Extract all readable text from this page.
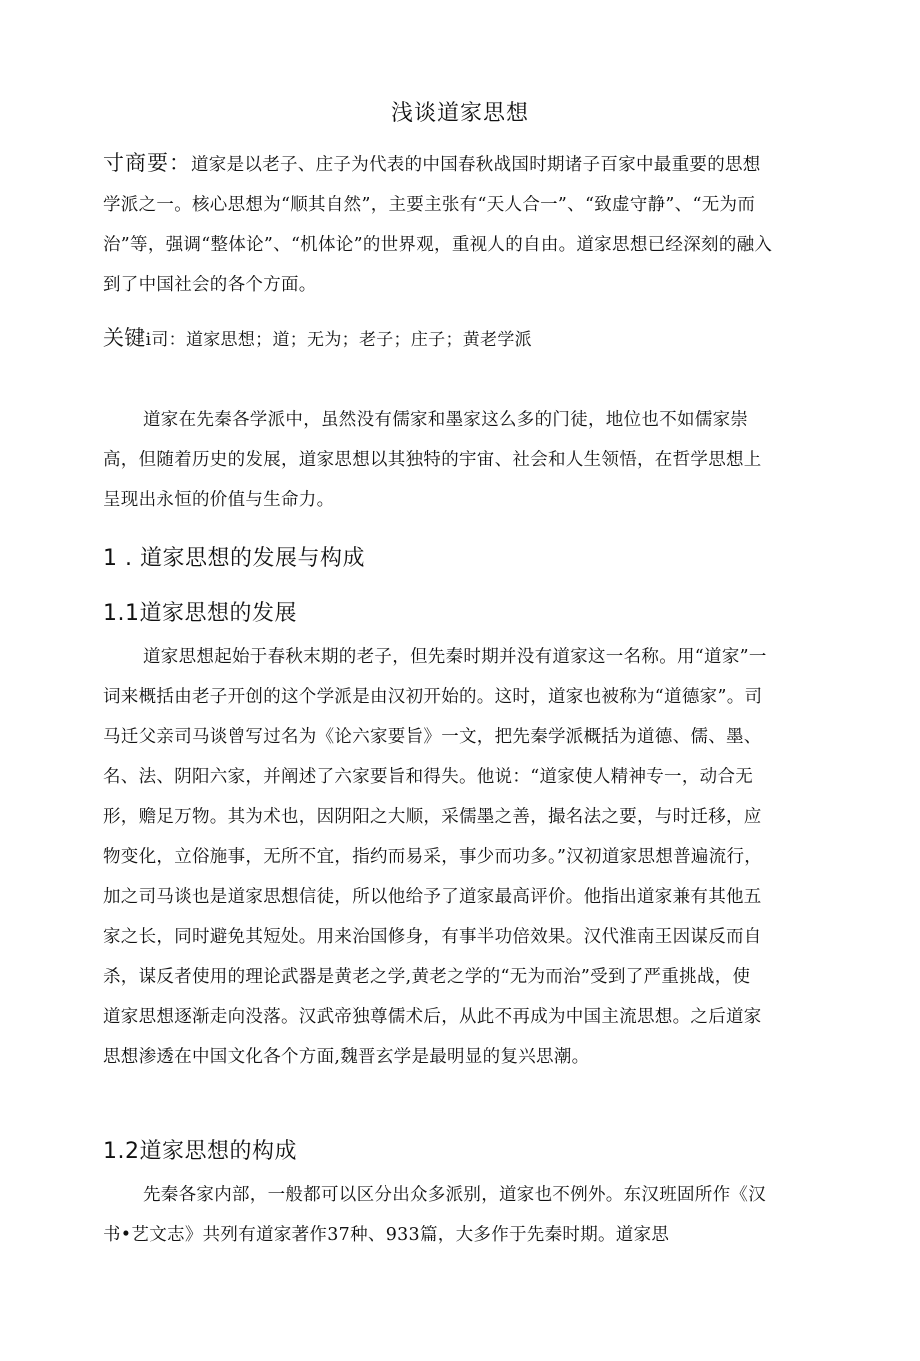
浅谈道家思想

寸商要：道家是以老子、庄子为代表的中国春秋战国时期诸子百家中最重要的思想学派之一。核心思想为“顺其自然”，主要主张有“天人合一”、“致虚守静”、“无为而治”等，强调“整体论”、“机体论”的世界观，重视人的自由。道家思想已经深刻的融入到了中国社会的各个方面。

关键i司：道家思想；道；无为；老子；庄子；黄老学派

道家在先秦各学派中，虽然没有儒家和墨家这么多的门徒，地位也不如儒家崇高，但随着历史的发展，道家思想以其独特的宇宙、社会和人生领悟，在哲学思想上呈现出永恒的价值与生命力。

1 . 道家思想的发展与构成
1.1道家思想的发展

道家思想起始于春秋末期的老子，但先秦时期并没有道家这一名称。用“道家”一词来概括由老子开创的这个学派是由汉初开始的。这时，道家也被称为“道德家”。司马迁父亲司马谈曾写过名为《论六家要旨》一文，把先秦学派概括为道德、儒、墨、名、法、阴阳六家，并阐述了六家要旨和得失。他说：“道家使人精神专一，动合无形，赡足万物。其为术也，因阴阳之大顺，采儒墨之善，撮名法之要，与时迁移，应物变化，立俗施事，无所不宜，指约而易采，事少而功多。”汉初道家思想普遍流行，加之司马谈也是道家思想信徒，所以他给予了道家最高评价。他指出道家兼有其他五家之长，同时避免其短处。用来治国修身，有事半功倍效果。汉代淮南王因谋反而自杀，谋反者使用的理论武器是黄老之学,黄老之学的“无为而治”受到了严重挑战，使道家思想逐渐走向没落。汉武帝独尊儒术后，从此不再成为中国主流思想。之后道家思想渗透在中国文化各个方面,魏晋玄学是最明显的复兴思潮。

1.2道家思想的构成

先秦各家内部，一般都可以区分出众多派别，道家也不例外。东汉班固所作《汉书•艺文志》共列有道家著作37种、933篇，大多作于先秦时期。道家思
